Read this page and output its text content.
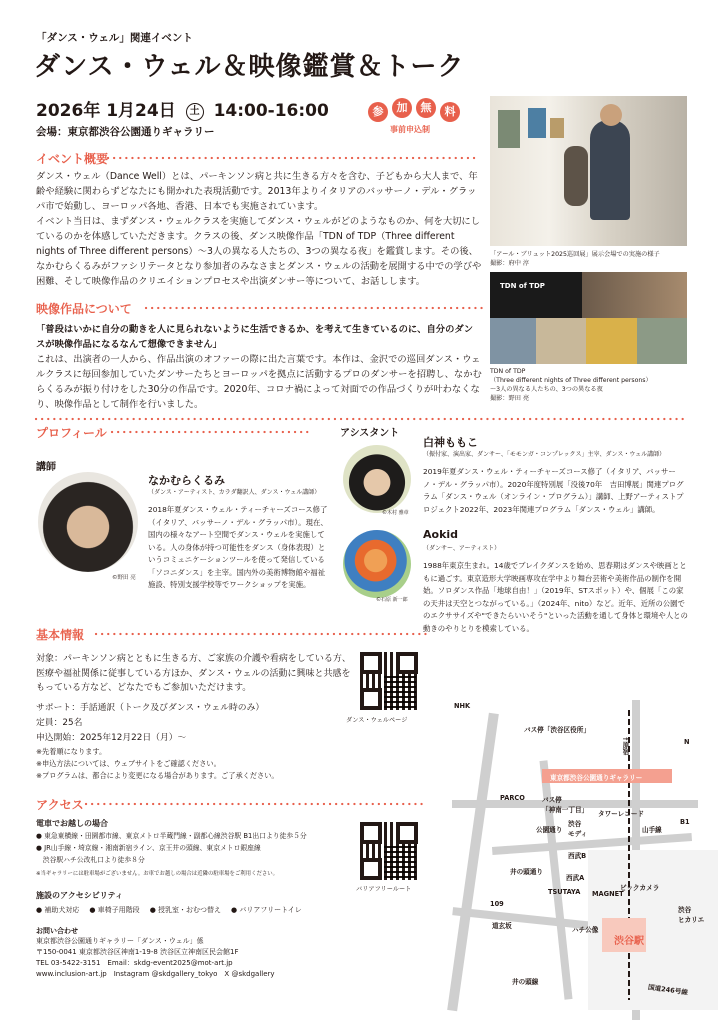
「ダンス・ウェル」関連イベント
ダンス・ウェル＆映像鑑賞＆トーク
2026年 1月24日 土 14:00-16:00
会場：東京都渋谷公園通りギャラリー
参	加	無	料
事前申込制
「アール・ブリュット2025巡回展」展示会場での実施の様子
撮影：府中 淳
TDN of TDP
TDN of TDP
（Three different nights of Three different persons）
〜3人の異なる人たちの、3つの異なる夜
撮影：野田 亮
イベント概要
ダンス・ウェル（Dance Well）とは、パーキンソン病と共に生きる方々を含む、子どもから大人まで、年齢や経験に関わらずどなたにも開かれた表現活動です。2013年よりイタリアのバッサーノ・デル・グラッパ市で始動し、ヨーロッパ各地、香港、日本でも実施されています。
イベント当日は、まずダンス・ウェルクラスを実施してダンス・ウェルがどのようなものか、何を大切にしているのかを体感していただきます。クラスの後、ダンス映像作品「TDN of TDP（Three different nights of Three different persons）〜3人の異なる人たちの、3つの異なる夜」を鑑賞します。その後、なかむらくるみがファシリテータとなり参加者のみなさまとダンス・ウェルの活動を展開する中での学びや困難、そして映像作品のクリエイションプロセスや出演ダンサー等について、お話しします。
映像作品について
「普段はいかに自分の動きを人に見られないように生活できるか、を考えて生きているのに、自分のダンスが映像作品になるなんて想像できません」
これは、出演者の一人から、作品出演のオファーの際に出た言葉です。本作は、金沢での巡回ダンス・ウェルクラスに毎回参加していたダンサーたちとヨーロッパを拠点に活動するプロのダンサーを招聘し、なかむらくるみが振り付けをした30分の作品です。2020年、コロナ禍によって対面での作品づくりが叶わなくなり、映像作品として制作を行いました。
プロフィール
講師
©野田 亮
なかむらくるみ
（ダンス・アーティスト、カラダ翻訳人、ダンス・ウェル講師）
2018年夏ダンス・ウェル・ティーチャーズコース修了（イタリア、バッサーノ・デル・グラッパ市）。現在、国内の様々なアート空間でダンス・ウェルを実施している。人の身体が持つ可能性をダンス（身体表現）というコミュニケーションツールを使って発信している「ソコニダンス」を主宰。国内外の美術博物館や福祉施設、特別支援学校等でワークショップを実施。
アシスタント
©木村 雅章
©石原 新一郎
白神ももこ
（振付家、演出家、ダンサー、「モモンガ・コンプレックス」主宰、ダンス・ウェル講師）
2019年夏ダンス・ウェル・ティーチャーズコース修了（イタリア、バッサーノ・デル・グラッパ市）。2020年度特別展「没後70年　吉田博展」関連プログラム「ダンス・ウェル（オンライン・プログラム）」講師、上野アーティストプロジェクト2022年、2023年関連プログラム「ダンス・ウェル」講師。
Aokid
（ダンサー、アーティスト）
1988年東京生まれ。14歳でブレイクダンスを始め、思春期はダンスや映画とともに過ごす。東京造形大学映画専攻在学中より舞台芸術や美術作品の制作を開始。ソロダンス作品「地球自由！」（2019年、STスポット）や、個展「この家の天井は天空とつながっている。」（2024年、nito）など。近年、近所の公園でのエクササイズや"できたらいいそう"といった活動を通して身体と環境や人との動きのやりとりを模索している。
基本情報
対象：パーキンソン病とともに生きる方、ご家族の介護や看病をしている方、医療や福祉関係に従事している方ほか、ダンス・ウェルの活動に興味と共感をもっている方など、どなたでもご参加いただけます。
サポート：手話通訳（トーク及びダンス・ウェル時のみ）
定員：25名
申込開始：2025年12月22日（月）〜
※先着順になります。
※申込方法については、ウェブサイトをご確認ください。
※プログラムは、都合により変更になる場合があります。ご了承ください。
ダンス・ウェルページ
アクセス
電車でお越しの場合
● 東急東横線・田園都市線、東京メトロ半蔵門線・副都心線渋谷駅 B1出口より徒歩５分
● JR山手線・埼京線・湘南新宿ライン、京王井の頭線、東京メトロ銀座線
　渋谷駅ハチ公改札口より徒歩８分
※当ギャラリーには駐車場がございません。お車でお越しの場合は近隣の駐車場をご利用ください。
バリアフリールート
施設のアクセシビリティ
● 補助犬対応 ● 車椅子用階段 ● 授乳室・おむつ替え ● バリアフリートイレ
お問い合わせ
東京都渋谷公園通りギャラリー「ダンス・ウェル」係
〒150-0041 東京都渋谷区神南1-19-8 渋谷区立神南区民会館1F
TEL 03-5422-3151　Email：skdg-event2025@mot-art.jp
www.inclusion-art.jp　Instagram @skdgallery_tokyo　X @skdgallery
NHK
バス停「渋谷区役所」
↑原宿	N
東京都渋谷公園通りギャラリー
PARCO	バス停
「神南一丁目」
渋谷
モディ
タワーレコード
公園通り	山手線
B1
西武B
西武A
井の頭通り
ビックカメラ
TSUTAYA MAGNET
109
道玄坂	ハチ公像
渋谷駅
渋谷
ヒカリエ
井の頭線
国道246号線
